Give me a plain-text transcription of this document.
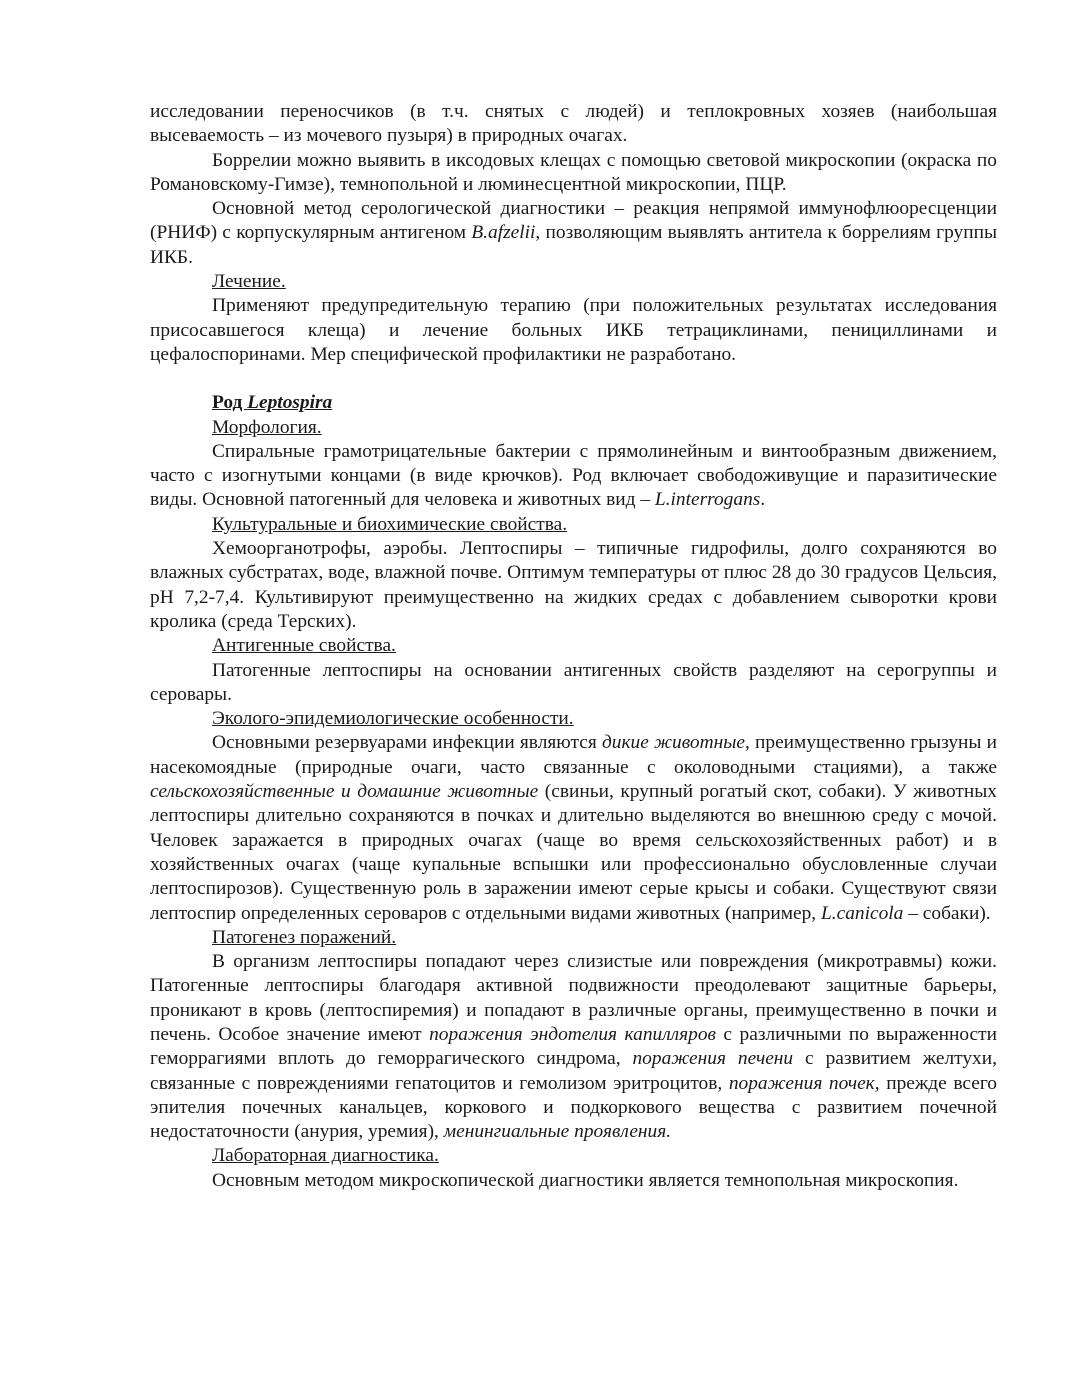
исследовании переносчиков (в т.ч. снятых с людей) и теплокровных хозяев (наибольшая высеваемость – из мочевого пузыря) в природных очагах.

Боррелии можно выявить в иксодовых клещах с помощью световой микроскопии (окраска по Романовскому-Гимзе), темнопольной и люминесцентной микроскопии, ПЦР.

Основной метод серологической диагностики – реакция непрямой иммунофлюоресценции (РНИФ) с корпускулярным антигеном B.afzelii, позволяющим выявлять антитела к боррелиям группы ИКБ.

Лечение.

Применяют предупредительную терапию (при положительных результатах исследования присосавшегося клеща) и лечение больных ИКБ тетрациклинами, пенициллинами и цефалоспоринами. Мер специфической профилактики не разработано.

Род Leptospira

Морфология.

Спиральные грамотрицательные бактерии с прямолинейным и винтообразным движением, часто с изогнутыми концами (в виде крючков). Род включает свободоживущие и паразитические виды. Основной патогенный для человека и животных вид – L.interrogans.

Культуральные и биохимические свойства.

Хемоорганотрофы, аэробы. Лептоспиры – типичные гидрофилы, долго сохраняются во влажных субстратах, воде, влажной почве. Оптимум температуры от плюс 28 до 30 градусов Цельсия, pH 7,2-7,4. Культивируют преимущественно на жидких средах с добавлением сыворотки крови кролика (среда Терских).

Антигенные свойства.

Патогенные лептоспиры на основании антигенных свойств разделяют на серогруппы и серовары.

Эколого-эпидемиологические особенности.

Основными резервуарами инфекции являются дикие животные, преимущественно грызуны и насекомоядные (природные очаги, часто связанные с околоводными стациями), а также сельскохозяйственные и домашние животные (свиньи, крупный рогатый скот, собаки). У животных лептоспиры длительно сохраняются в почках и длительно выделяются во внешнюю среду с мочой. Человек заражается в природных очагах (чаще во время сельскохозяйственных работ) и в хозяйственных очагах (чаще купальные вспышки или профессионально обусловленные случаи лептоспирозов). Существенную роль в заражении имеют серые крысы и собаки. Существуют связи лептоспир определенных сероваров с отдельными видами животных (например, L.canicola – собаки).

Патогенез поражений.

В организм лептоспиры попадают через слизистые или повреждения (микротравмы) кожи. Патогенные лептоспиры благодаря активной подвижности преодолевают защитные барьеры, проникают в кровь (лептоспиремия) и попадают в различные органы, преимущественно в почки и печень. Особое значение имеют поражения эндотелия капилляров с различными по выраженности геморрагиями вплоть до геморрагического синдрома, поражения печени с развитием желтухи, связанные с повреждениями гепатоцитов и гемолизом эритроцитов, поражения почек, прежде всего эпителия почечных канальцев, коркового и подкоркового вещества с развитием почечной недостаточности (анурия, уремия), менингиальные проявления.

Лабораторная диагностика.

Основным методом микроскопической диагностики является темнопольная микроскопия.
